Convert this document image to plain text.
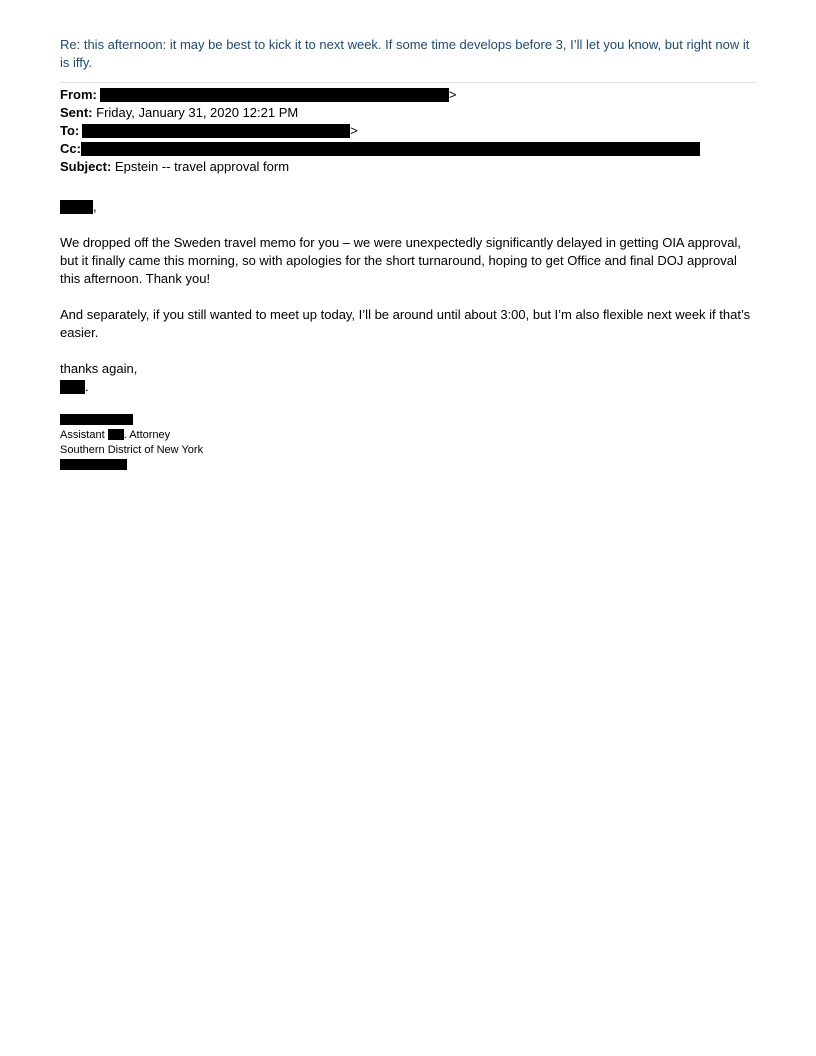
Re: this afternoon: it may be best to kick it to next week. If some time develops before 3, I’ll let you know, but right now it is iffy.

From:	>
Sent: Friday, January 31, 2020 12:21 PM
To:	>
Cc:
Subject: Epstein -- travel approval form

,

We dropped off the Sweden travel memo for you – we were unexpectedly significantly delayed in getting OIA approval, but it finally came this morning, so with apologies for the short turnaround, hoping to get Office and final DOJ approval this afternoon. Thank you!

And separately, if you still wanted to meet up today, I’ll be around until about 3:00, but I’m also flexible next week if that’s easier.

thanks again,

.

Assistant . Attorney
Southern District of New York
